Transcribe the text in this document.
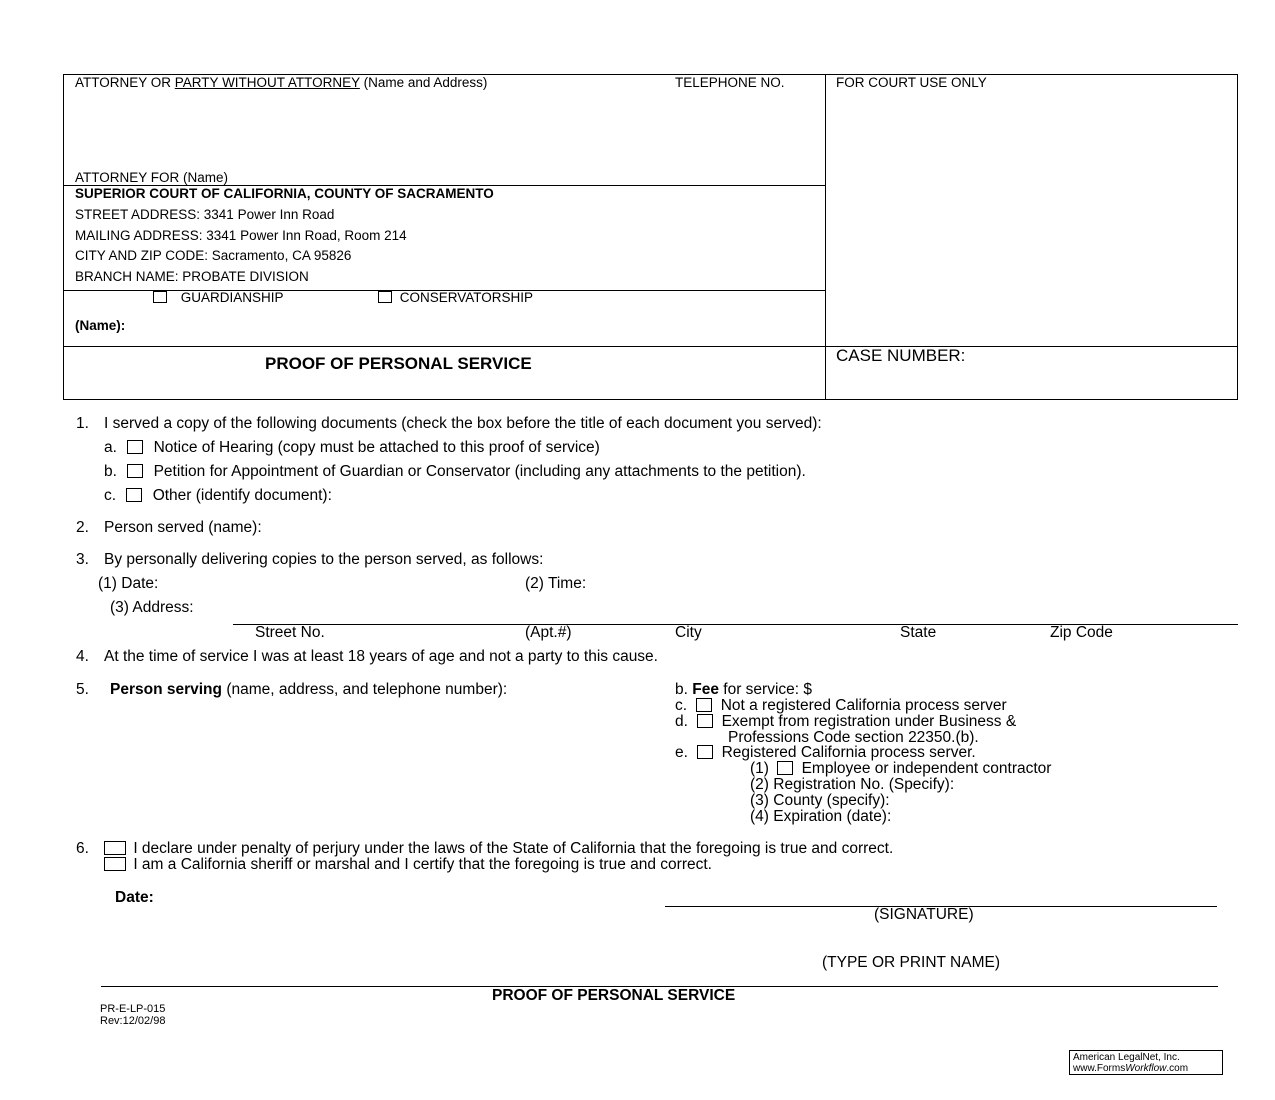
ATTORNEY OR PARTY WITHOUT ATTORNEY (Name and Address)	TELEPHONE NO.	FOR COURT USE ONLY
ATTORNEY FOR (Name)
SUPERIOR COURT OF CALIFORNIA, COUNTY OF SACRAMENTO
STREET ADDRESS: 3341 Power Inn Road
MAILING ADDRESS: 3341 Power Inn Road, Room 214
CITY AND ZIP CODE: Sacramento, CA 95826
BRANCH NAME: PROBATE DIVISION
GUARDIANSHIP	CONSERVATORSHIP
(Name):
PROOF OF PERSONAL SERVICE	CASE NUMBER:
1. I served a copy of the following documents (check the box before the title of each document you served):
a. Notice of Hearing (copy must be attached to this proof of service)
b. Petition for Appointment of Guardian or Conservator (including any attachments to the petition).
c. Other (identify document):
2. Person served (name):
3. By personally delivering copies to the person served, as follows:
(1) Date:	(2) Time:
(3) Address:
Street No.	(Apt.#)	City	State	Zip Code
4. At the time of service I was at least 18 years of age and not a party to this cause.
5. Person serving (name, address, and telephone number):	b. Fee for service: $
c. Not a registered California process server
d. Exempt from registration under Business &
Professions Code section 22350.(b).
e. Registered California process server.
(1) Employee or independent contractor
(2) Registration No. (Specify):
(3) County (specify):
(4) Expiration (date):
6.	I declare under penalty of perjury under the laws of the State of California that the foregoing is true and correct.
I am a California sheriff or marshal and I certify that the foregoing is true and correct.
Date:
(SIGNATURE)
(TYPE OR PRINT NAME)
PROOF OF PERSONAL SERVICE
PR-E-LP-015
Rev:12/02/98
American LegalNet, Inc.
www.FormsWorkflow.com
